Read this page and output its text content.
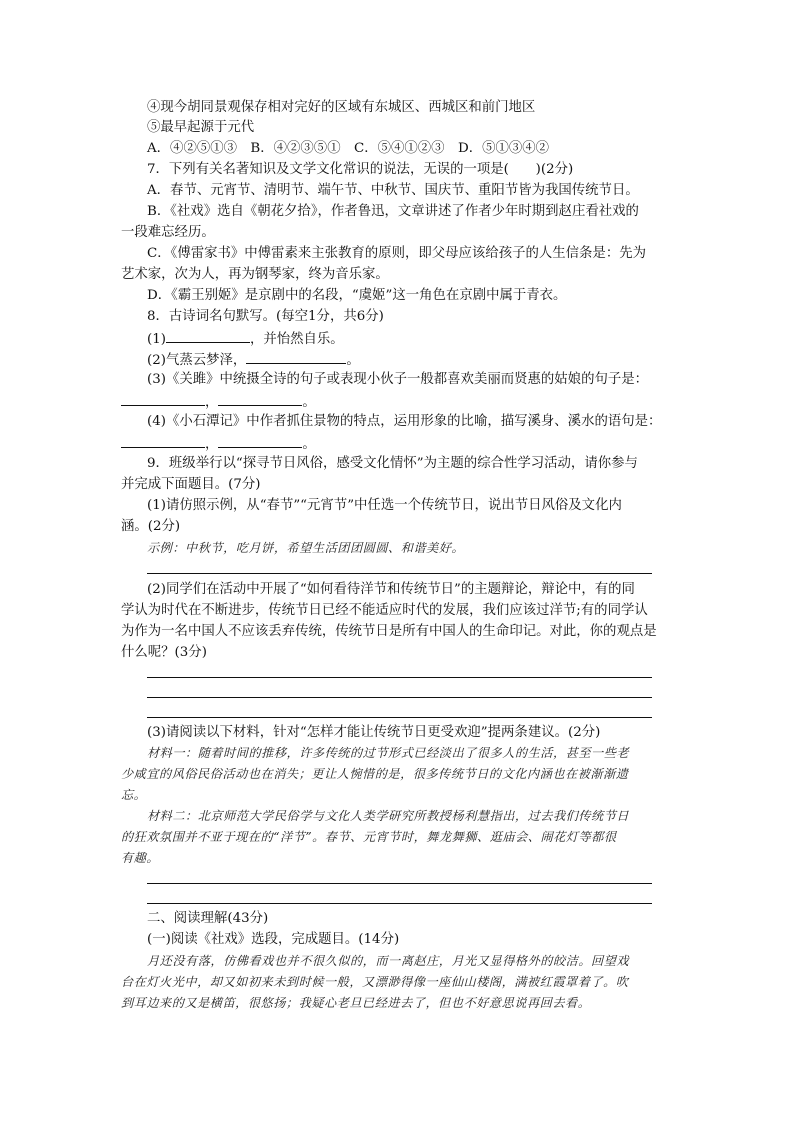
④现今胡同景观保存相对完好的区域有东城区、西城区和前门地区
⑤最早起源于元代
A．④②⑤①③　B．④②③⑤①　C．⑤④①②③　D．⑤①③④②
7．下列有关名著知识及文学文化常识的说法，无误的一项是(　　)(2分)
A．春节、元宵节、清明节、端午节、中秋节、国庆节、重阳节皆为我国传统节日。
B．《社戏》选自《朝花夕拾》，作者鲁迅，文章讲述了作者少年时期到赵庄看社戏的
一段难忘经历。
C．《傅雷家书》中傅雷素来主张教育的原则，即父母应该给孩子的人生信条是：先为
艺术家，次为人，再为钢琴家，终为音乐家。
D．《霸王别姬》是京剧中的名段，“虞姬”这一角色在京剧中属于青衣。
8．古诗词名句默写。(每空1分，共6分)
(1)	，并怡然自乐。
(2)气蒸云梦泽，	。
(3)《关雎》中统摄全诗的句子或表现小伙子一般都喜欢美丽而贤惠的姑娘的句子是：
，	。
(4)《小石潭记》中作者抓住景物的特点，运用形象的比喻，描写溪身、溪水的语句是：
，	。
9．班级举行以“探寻节日风俗，感受文化情怀”为主题的综合性学习活动，请你参与
并完成下面题目。(7分)
(1)请仿照示例，从“春节”“元宵节”中任选一个传统节日，说出节日风俗及文化内
涵。(2分)
示例：中秋节，吃月饼，希望生活团团圆圆、和谐美好。
(2)同学们在活动中开展了“如何看待洋节和传统节日”的主题辩论，辩论中，有的同
学认为时代在不断进步，传统节日已经不能适应时代的发展，我们应该过洋节;有的同学认
为作为一名中国人不应该丢弃传统，传统节日是所有中国人的生命印记。对此，你的观点是
什么呢？(3分)
(3)请阅读以下材料，针对“怎样才能让传统节日更受欢迎”提两条建议。(2分)
材料一：随着时间的推移，许多传统的过节形式已经淡出了很多人的生活，甚至一些老
少咸宜的风俗民俗活动也在消失；更让人惋惜的是，很多传统节日的文化内涵也在被渐渐遗
忘。
材料二：北京师范大学民俗学与文化人类学研究所教授杨利慧指出，过去我们传统节日
的狂欢氛围并不亚于现在的“洋节”。春节、元宵节时，舞龙舞狮、逛庙会、闹花灯等都很
有趣。
二、阅读理解(43分)
(一)阅读《社戏》选段，完成题目。(14分)
月还没有落，仿佛看戏也并不很久似的，而一离赵庄，月光又显得格外的皎洁。回望戏
台在灯火光中，却又如初来未到时候一般，又漂渺得像一座仙山楼阁，满被红霞罩着了。吹
到耳边来的又是横笛，很悠扬；我疑心老旦已经进去了，但也不好意思说再回去看。
